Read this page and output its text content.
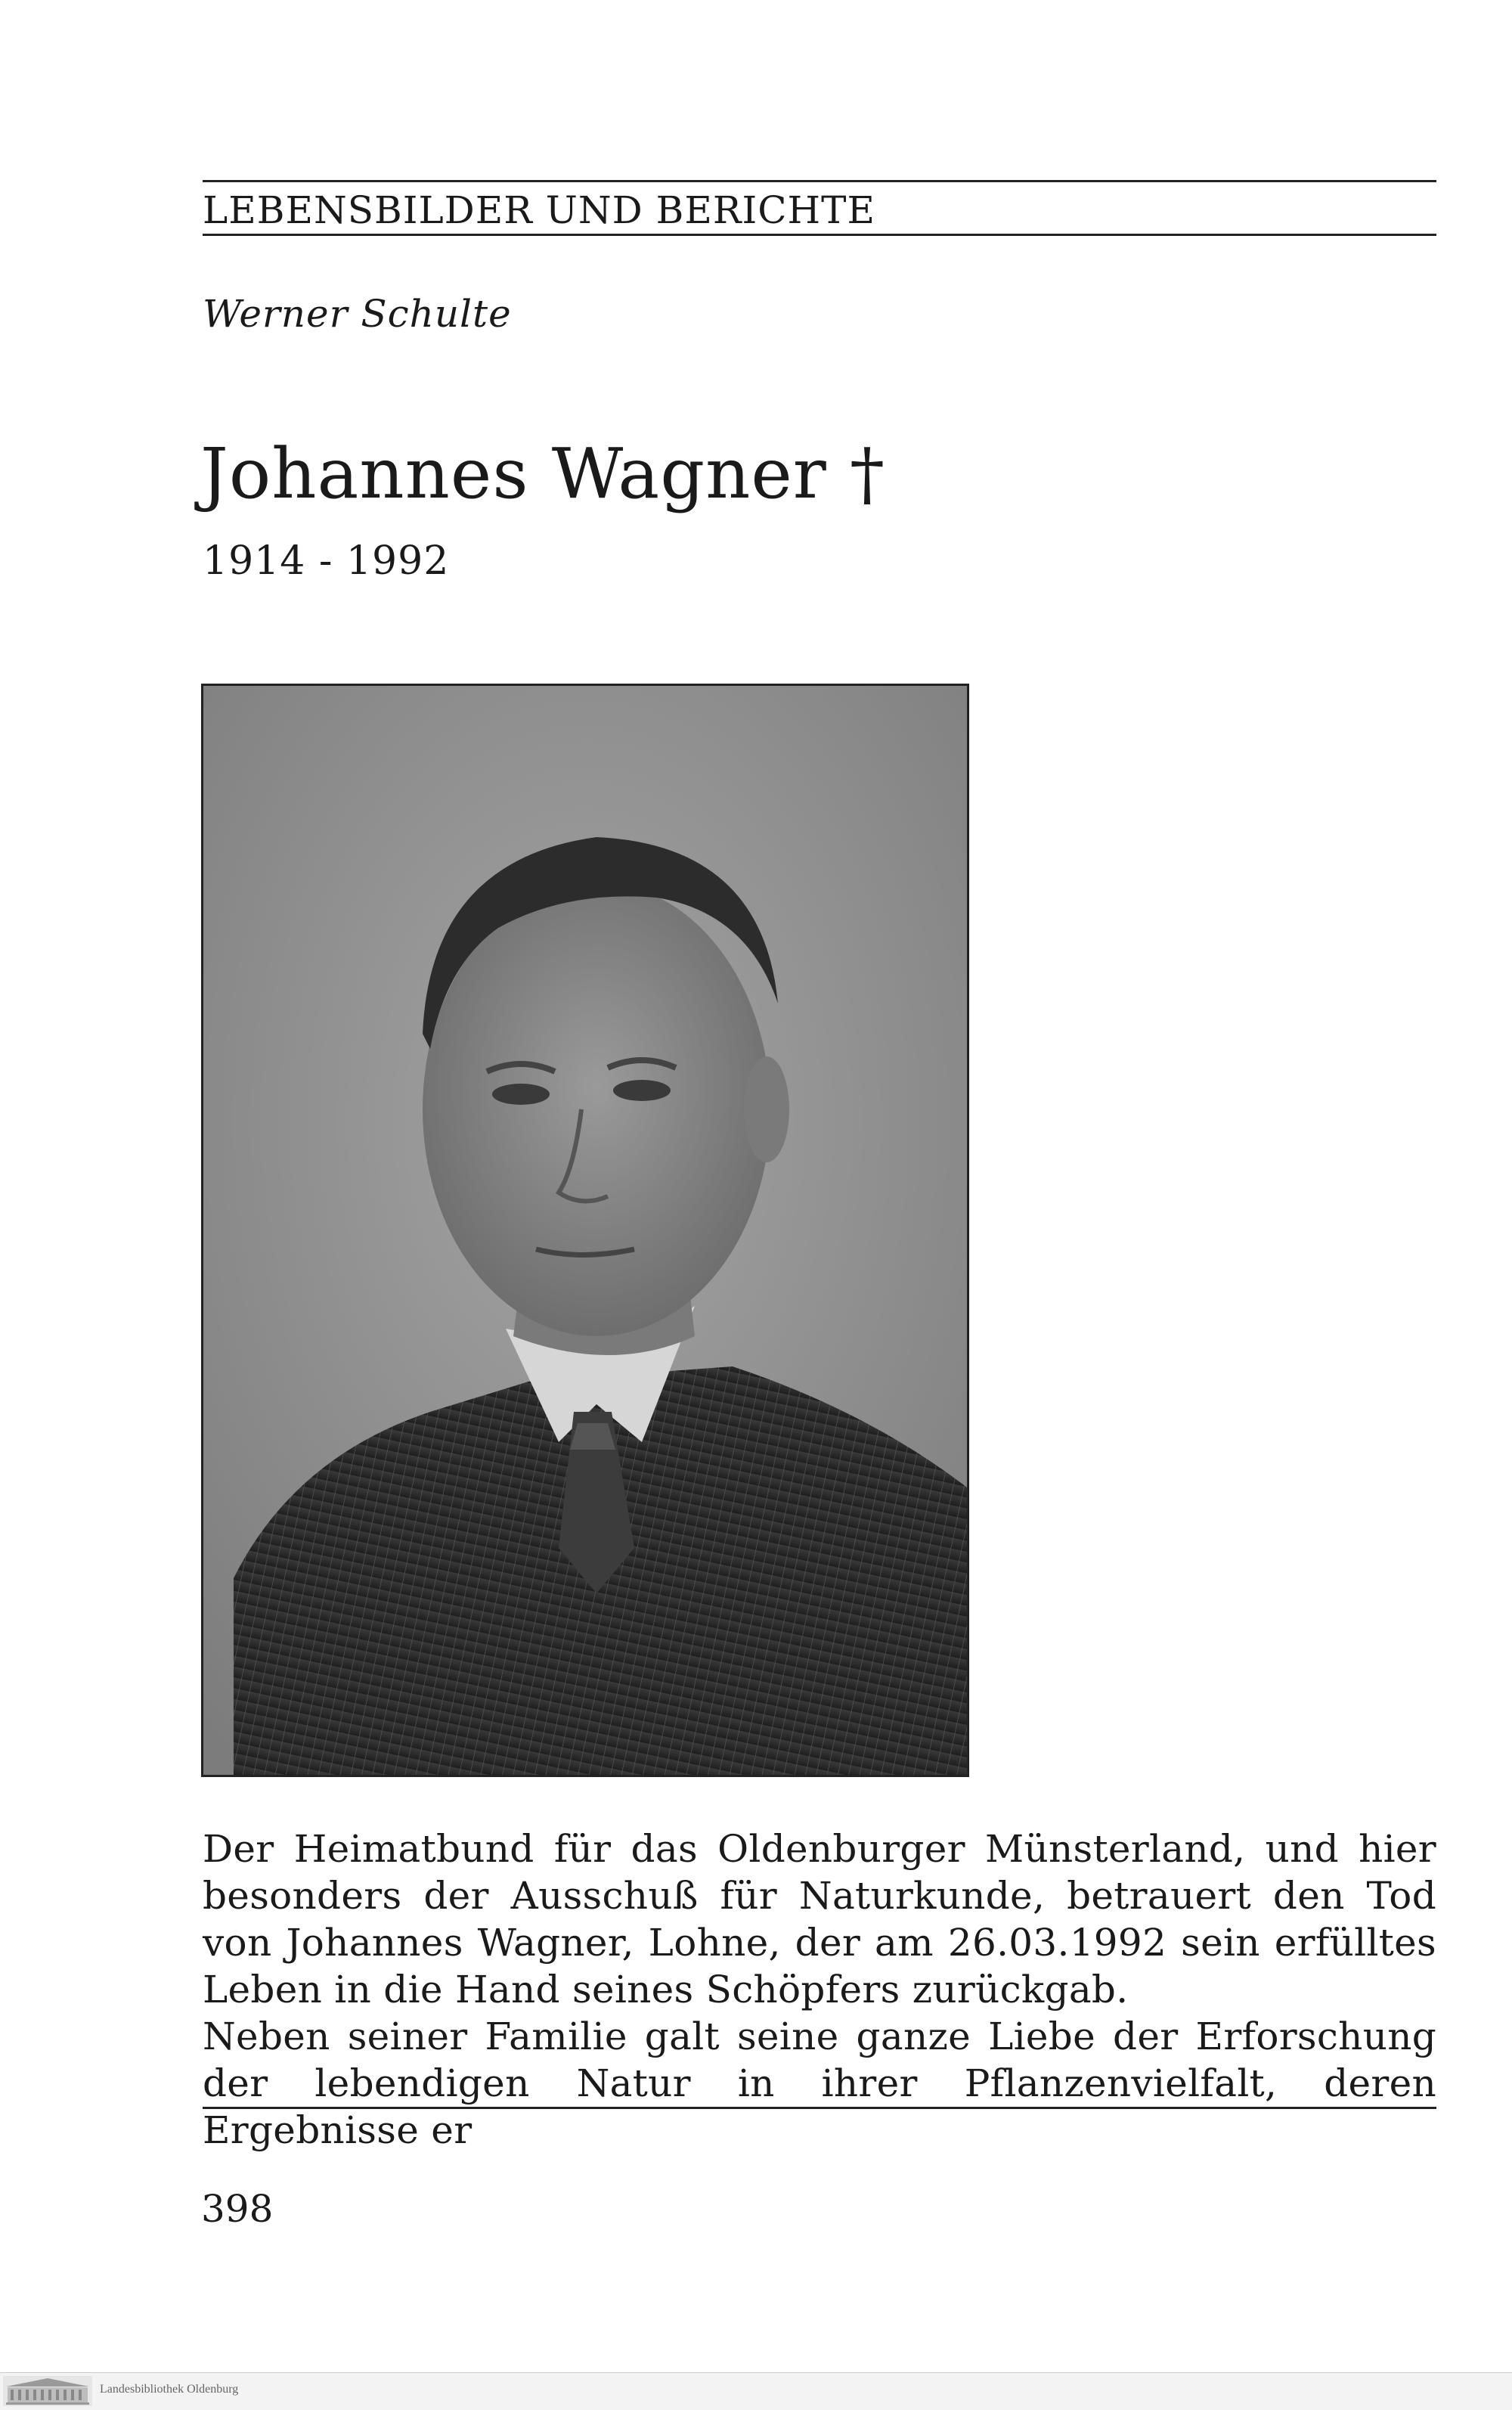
LEBENSBILDER UND BERICHTE
Werner Schulte
Johannes Wagner †
1914 - 1992

Der Heimatbund für das Oldenburger Münsterland, und hier besonders der Ausschuß für Naturkunde, betrauert den Tod von Johannes Wagner, Lohne, der am 26.03.1992 sein erfülltes Leben in die Hand seines Schöpfers zurückgab.

Neben seiner Familie galt seine ganze Liebe der Erforschung der lebendigen Natur in ihrer Pflanzenvielfalt, deren Ergebnisse er

398
Landesbibliothek Oldenburg
